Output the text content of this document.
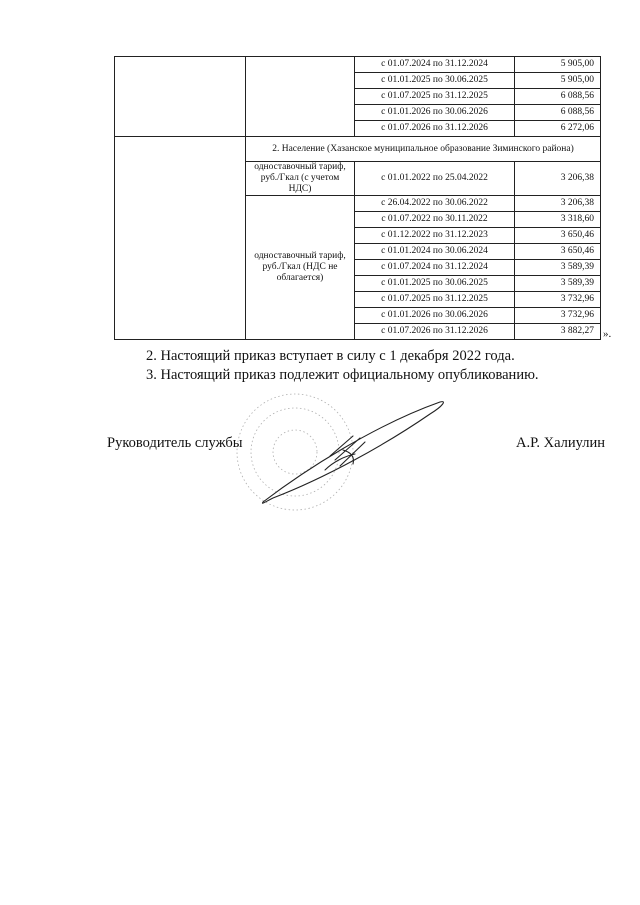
		с 01.07.2024 по 31.12.2024	5 905,00
		с 01.01.2025 по 30.06.2025	5 905,00
		с 01.07.2025 по 31.12.2025	6 088,56
		с 01.01.2026 по 30.06.2026	6 088,56
		с 01.07.2026 по 31.12.2026	6 272,06
	2. Население (Хазанское муниципальное образование Зиминского района)		
	одноставочный тариф, руб./Гкал (с учетом НДС)	с 01.01.2022 по 25.04.2022	3 206,38
	одноставочный тариф, руб./Гкал (НДС не облагается)	с 26.04.2022 по 30.06.2022	3 206,38
		с 01.07.2022 по 30.11.2022	3 318,60
		с 01.12.2022 по 31.12.2023	3 650,46
		с 01.01.2024 по 30.06.2024	3 650,46
		с 01.07.2024 по 31.12.2024	3 589,39
		с 01.01.2025 по 30.06.2025	3 589,39
		с 01.07.2025 по 31.12.2025	3 732,96
		с 01.01.2026 по 30.06.2026	3 732,96
		с 01.07.2026 по 31.12.2026	3 882,27 ».
2. Настоящий приказ вступает в силу с 1 декабря 2022 года.
3. Настоящий приказ подлежит официальному опубликованию.
Руководитель службы	А.Р. Халиулин
